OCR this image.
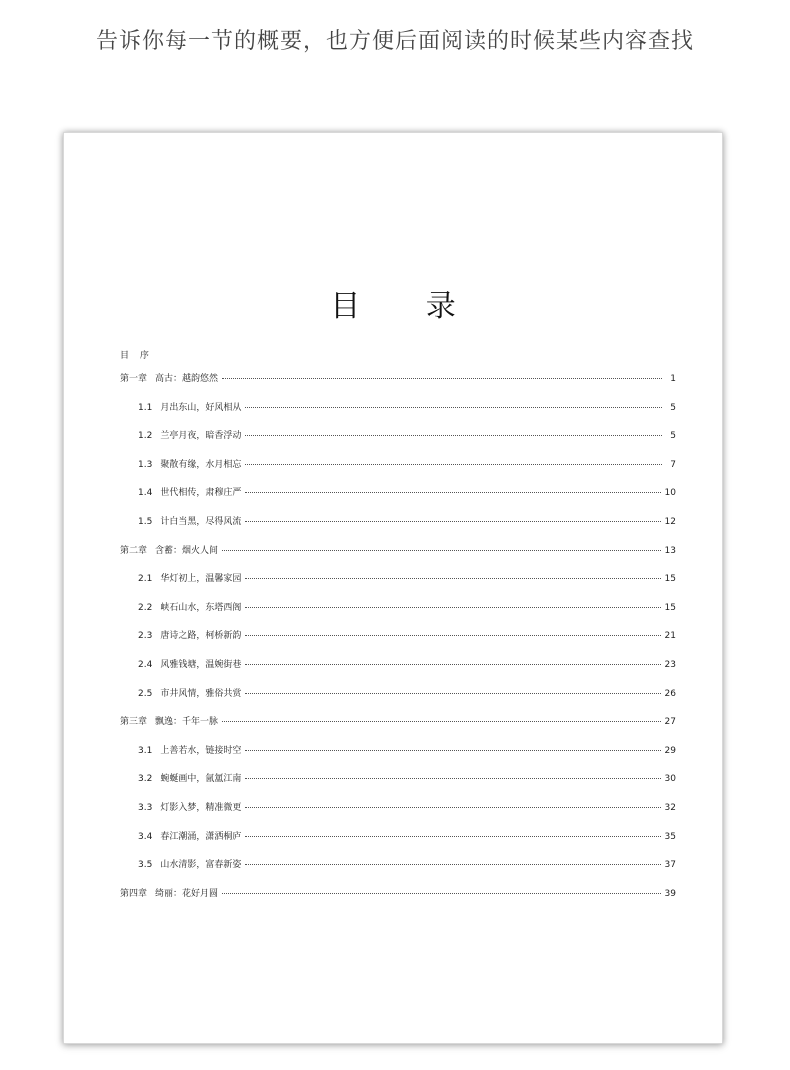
告诉你每一节的概要，也方便后面阅读的时候某些内容查找
目 录
目 序
第一章 高古：越韵悠然	1
1.1 月出东山，好风相从	5
1.2 兰亭月夜，暗香浮动	5
1.3 聚散有缘，水月相忘	7
1.4 世代相传，肃穆庄严	10
1.5 计白当黑，尽得风流	12
第二章 含蓄：烟火人间	13
2.1 华灯初上，温馨家园	15
2.2 峡石山水，东塔西阁	15
2.3 唐诗之路，柯桥新韵	21
2.4 风雅钱塘，温婉街巷	23
2.5 市井风情，雅俗共赏	26
第三章 飘逸：千年一脉	27
3.1 上善若水，链接时空	29
3.2 蜿蜒画中，氤氲江南	30
3.3 灯影入梦，精准微更	32
3.4 春江潮涌，潇洒桐庐	35
3.5 山水清影，富春新姿	37
第四章 绮丽：花好月圆	39
